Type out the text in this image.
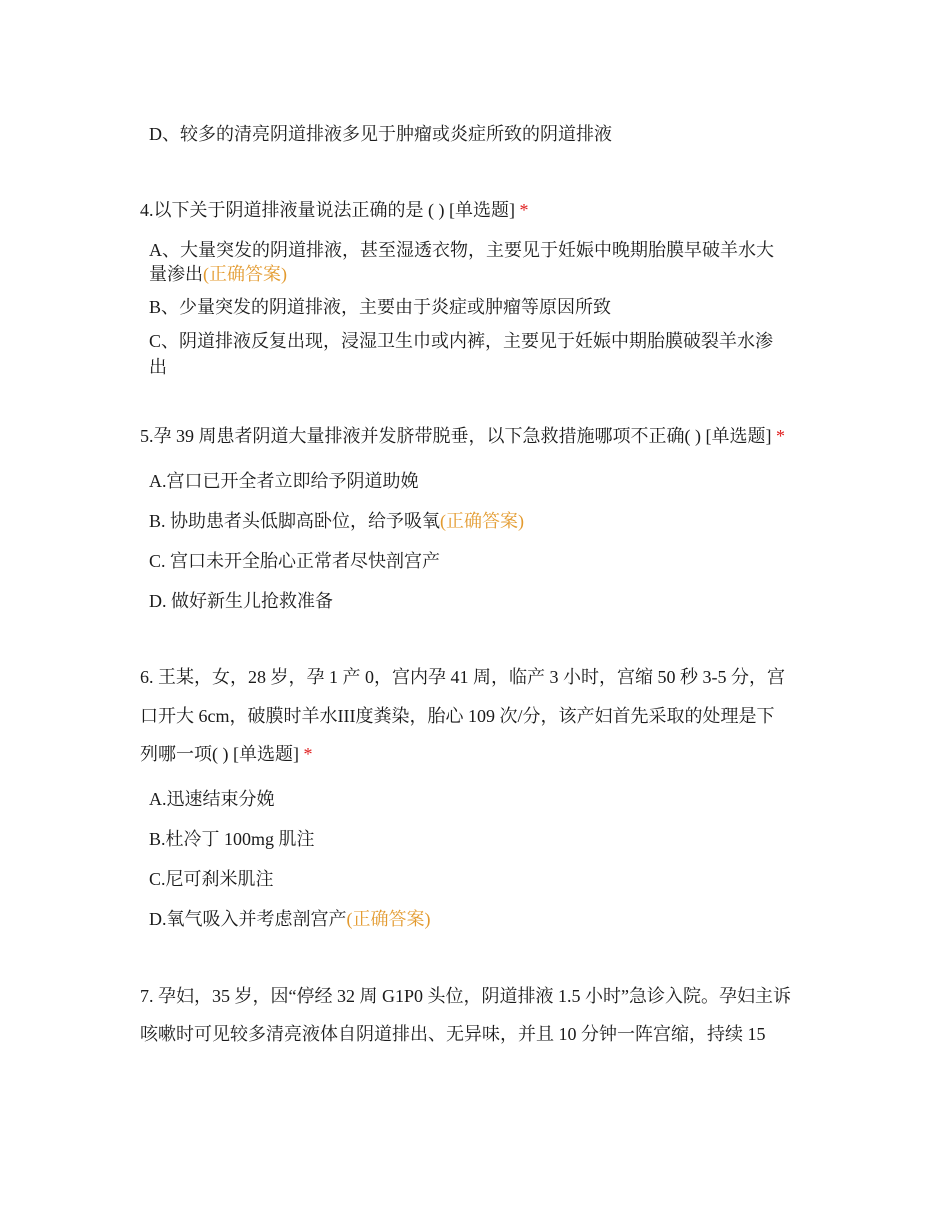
D、较多的清亮阴道排液多见于肿瘤或炎症所致的阴道排液
4.以下关于阴道排液量说法正确的是 ( ) [单选题] *
A、大量突发的阴道排液，甚至湿透衣物，主要见于妊娠中晚期胎膜早破羊水大
量渗出(正确答案)
B、少量突发的阴道排液，主要由于炎症或肿瘤等原因所致
C、阴道排液反复出现，浸湿卫生巾或内裤，主要见于妊娠中期胎膜破裂羊水渗
出
5.孕 39 周患者阴道大量排液并发脐带脱垂，以下急救措施哪项不正确( ) [单选题] *
A.宫口已开全者立即给予阴道助娩
B. 协助患者头低脚高卧位，给予吸氧(正确答案)
C. 宫口未开全胎心正常者尽快剖宫产
D. 做好新生儿抢救准备
6. 王某，女，28 岁，孕 1 产 0，宫内孕 41 周，临产 3 小时，宫缩 50 秒 3-5 分，宫
口开大 6cm，破膜时羊水III度粪染，胎心 109 次/分，该产妇首先采取的处理是下
列哪一项( ) [单选题] *
A.迅速结束分娩
B.杜冷丁 100mg 肌注
C.尼可刹米肌注
D.氧气吸入并考虑剖宫产(正确答案)
7. 孕妇，35 岁，因“停经 32 周 G1P0 头位，阴道排液 1.5 小时”急诊入院。孕妇主诉
咳嗽时可见较多清亮液体自阴道排出、无异味，并且 10 分钟一阵宫缩，持续 15
